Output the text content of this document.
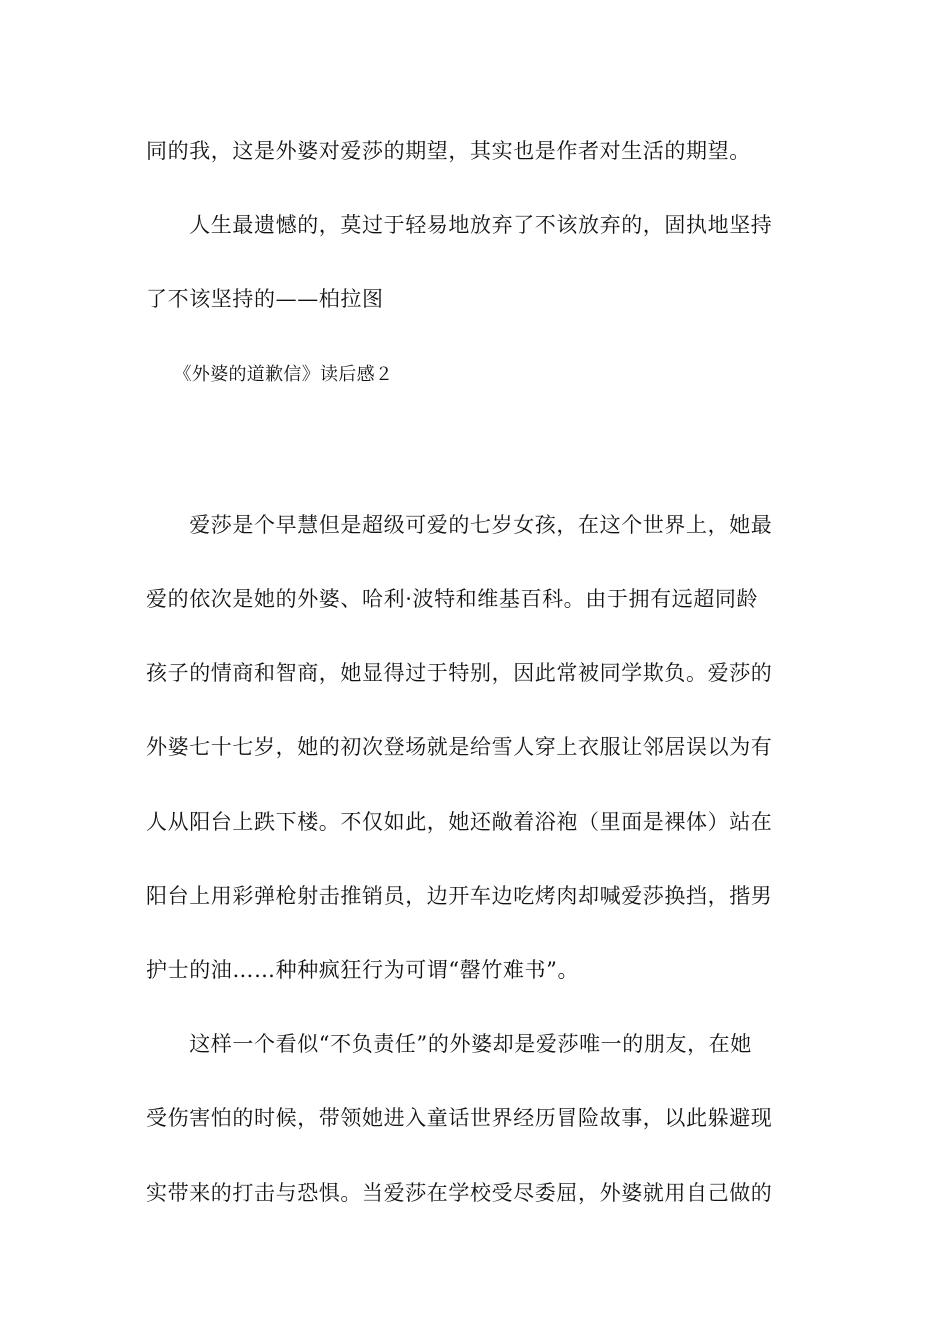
同的我，这是外婆对爱莎的期望，其实也是作者对生活的期望。
　　人生最遗憾的，莫过于轻易地放弃了不该放弃的，固执地坚持
了不该坚持的——柏拉图
　　《外婆的道歉信》读后感２
　　爱莎是个早慧但是超级可爱的七岁女孩，在这个世界上，她最
爱的依次是她的外婆、哈利·波特和维基百科。由于拥有远超同龄
孩子的情商和智商，她显得过于特别，因此常被同学欺负。爱莎的
外婆七十七岁，她的初次登场就是给雪人穿上衣服让邻居误以为有
人从阳台上跌下楼。不仅如此，她还敞着浴袍（里面是裸体）站在
阳台上用彩弹枪射击推销员，边开车边吃烤肉却喊爱莎换挡，揩男
护士的油……种种疯狂行为可谓“罄竹难书”。
　　这样一个看似“不负责任”的外婆却是爱莎唯一的朋友，在她
受伤害怕的时候，带领她进入童话世界经历冒险故事，以此躲避现
实带来的打击与恐惧。当爱莎在学校受尽委屈，外婆就用自己做的
